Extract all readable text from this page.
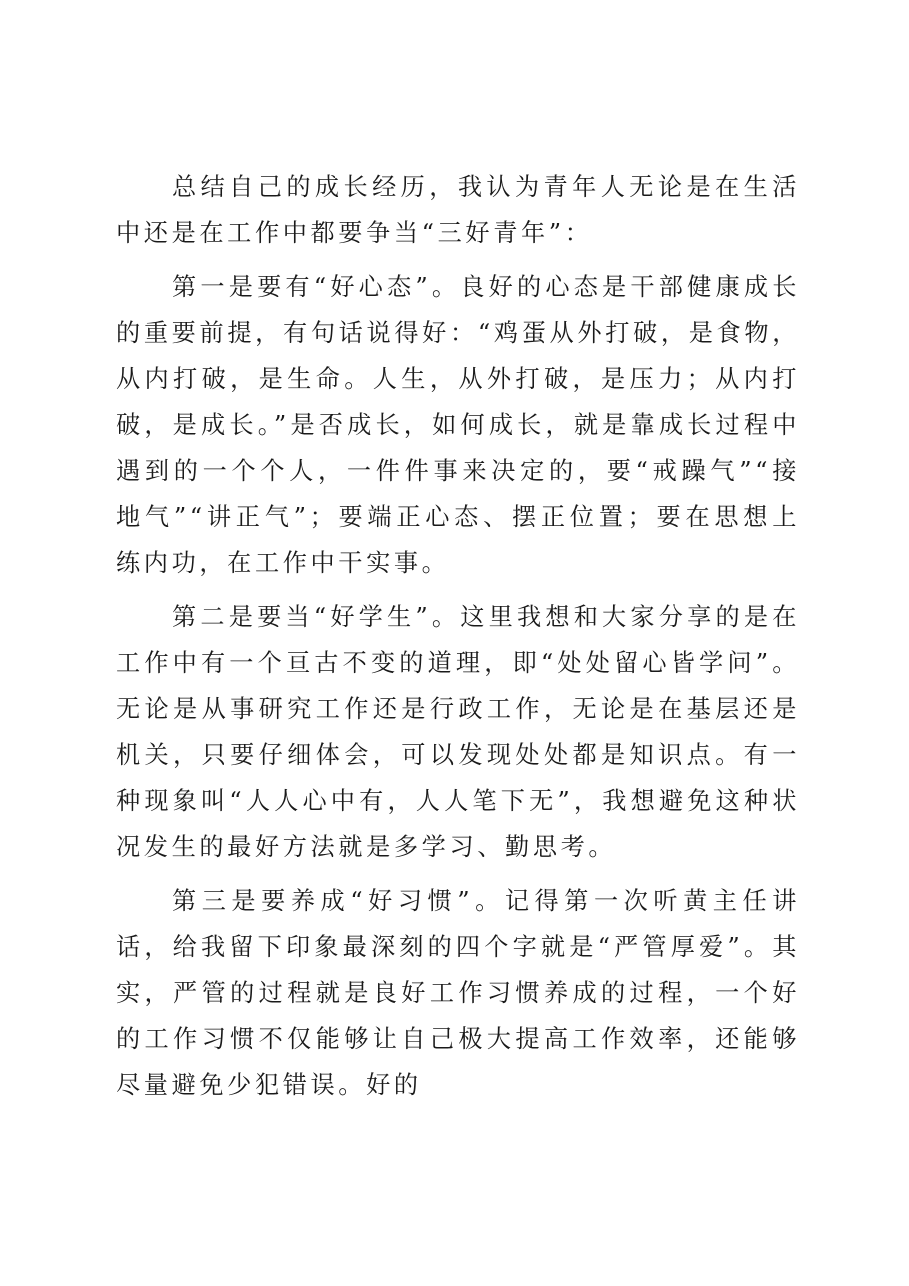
总结自己的成长经历，我认为青年人无论是在生活中还是在工作中都要争当“三好青年”：

第一是要有“好心态”。良好的心态是干部健康成长的重要前提，有句话说得好：“鸡蛋从外打破，是食物，从内打破，是生命。人生，从外打破，是压力；从内打破，是成长。”是否成长，如何成长，就是靠成长过程中遇到的一个个人，一件件事来决定的，要“戒躁气”“接地气”“讲正气”；要端正心态、摆正位置；要在思想上练内功，在工作中干实事。

第二是要当“好学生”。这里我想和大家分享的是在工作中有一个亘古不变的道理，即“处处留心皆学问”。无论是从事研究工作还是行政工作，无论是在基层还是机关，只要仔细体会，可以发现处处都是知识点。有一种现象叫“人人心中有，人人笔下无”，我想避免这种状况发生的最好方法就是多学习、勤思考。

第三是要养成“好习惯”。记得第一次听黄主任讲话，给我留下印象最深刻的四个字就是“严管厚爱”。其实，严管的过程就是良好工作习惯养成的过程，一个好的工作习惯不仅能够让自己极大提高工作效率，还能够尽量避免少犯错误。好的
